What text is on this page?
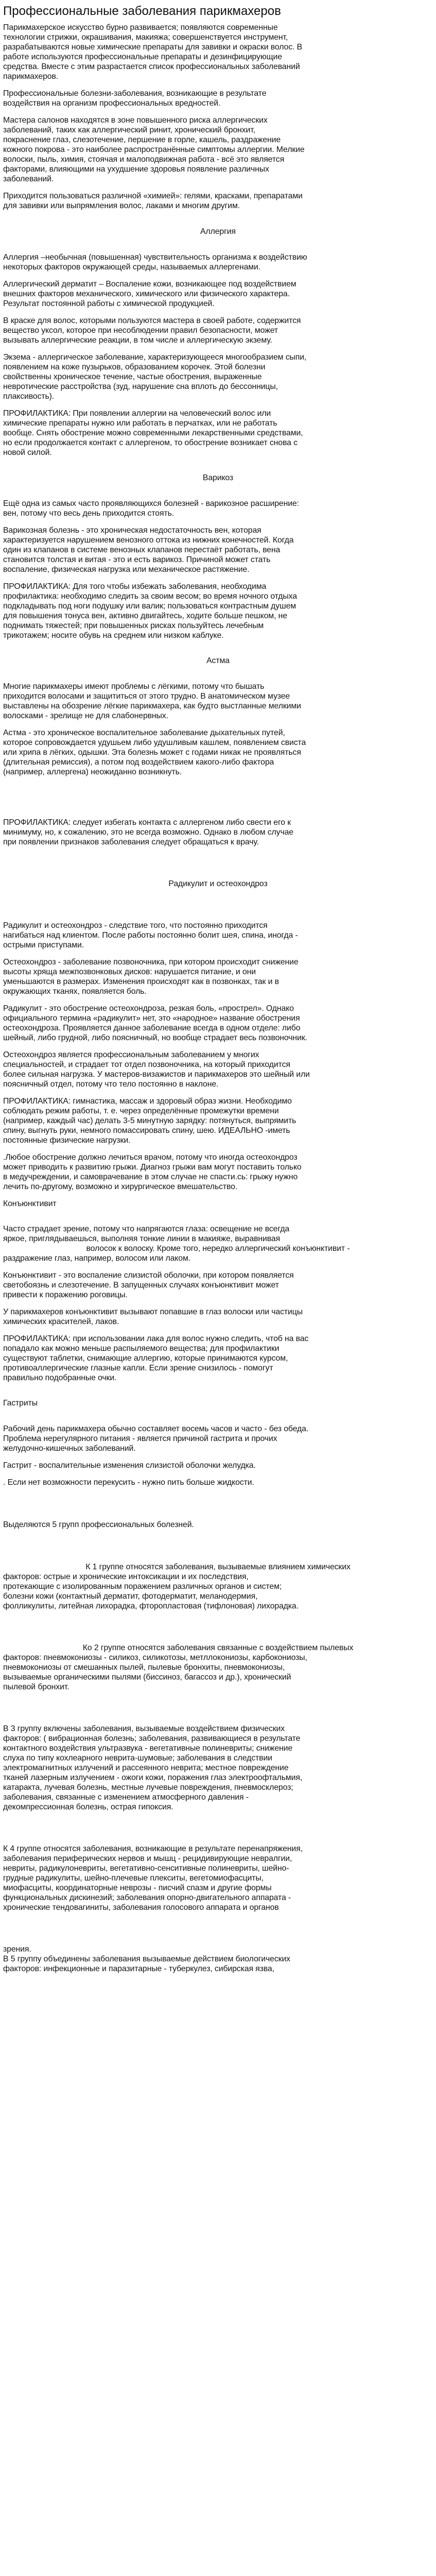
Профессиональные заболевания парикмахеров

Парикмахерское искусство бурно развивается; появляются современные

технологии стрижки, окрашивания, макияжа; совершенствуется инструмент,

разрабатываются новые химические препараты для завивки и окраски волос. В

работе используются профессиональные препараты и дезинфицирующие

средства. Вместе с этим разрастается список профессиональных заболеваний

парикмахеров.

Профессиональные болезни-заболевания, возникающие в результате

воздействия на организм профессиональных вредностей.

Мастера салонов находятся в зоне повышенного риска аллергических

заболеваний, таких как аллергический ринит, хронический бронхит,

покраснение глаз, слезотечение, першение в горле, кашель, раздражение

кожного покрова - это наиболее распространённые симптомы аллергии. Мелкие

волоски, пыль, химия, стоячая и малоподвижная работа - всё это является

факторами, влияющими на ухудшение здоровья появление различных

заболеваний.

Приходится пользоваться различной «химией»: гелями, красками, препаратами

для завивки или выпрямления волос, лаками и многим другим.

Аллергия

Аллергия –необычная (повышенная) чувствительность организма к воздействию

некоторых факторов окружающей среды, называемых аллергенами.

Аллергический дерматит – Воспаление кожи, возникающее под воздействием

внешних факторов механического, химического или физического характера.

Результат постоянной работы с химической продукцией.

В краске для волос, которыми пользуются мастера в своей работе, содержится

вещество уксол, которое при несоблюдении правил безопасности, может

вызывать аллергические реакции, в том числе и аллергическую экзему.

Экзема - аллергическое заболевание, характеризующееся многообразием сыпи,

появлением на коже пузырьков, образованием корочек. Этой болезни

свойственны хроническое течение, частые обострения, выраженные

невротические расстройства (зуд, нарушение сна вплоть до бессонницы,

плаксивость).

ПРОФИЛАКТИКА: При появлении аллергии на человеческий волос или

химические препараты нужно или работать в перчатках, или не работать

вообще. Снять обострение можно современными лекарственными средствами,

но если продолжается контакт с аллергеном, то обострение возникает снова с

новой силой.

Варикоз

Ещё одна из самых часто проявляющихся болезней - варикозное расширение:

вен, потому что весь день приходится стоять.

Варикозная болезнь - это хроническая недостаточность вен, которая

характеризуется нарушением венозного оттока из нижних конечностей. Когда

один из клапанов в системе венозных клапанов перестаёт работать, вена

становится толстая и витая - это и есть варикоз. Причиной может стать

воспаление, физическая нагрузка или механическое растяжение.

ПРОФИЛАКТИКА: Для того чтобы избежать заболевания, необходима

профилактика: необходимо следить за своим весом; во время ночного отдыха

подкладывать под ноги подушку или валик; пользоваться контрастным душем

для повышения тонуса вен, активно двигайтесь, ходите больше пешком, не

поднимать тяжестей; при повышенных рисках пользуйтесь лечебным

трикотажем; носите обувь на среднем или низком каблуке.

Астма

Многие парикмахеры имеют проблемы с лёгкими, потому что бышать

приходится волосами и защититься от этого трудно. В анатомическом музее

выставлены на обозрение лёгкие парикмахера, как будто выстланные мелкими

волосками - зрелище не для слабонервных.

Астма - это хроническое воспалительное заболевание дыхательных путей,

которое сопровождается удушьем либо удушливым кашлем, появлением свиста

или хрипа в лёгких, одышки. Эта болезнь может с годами никак не проявляться

(длительная ремиссия), а потом под воздействием какого-либо фактора

(например, аллергена) неожиданно возникнуть.

ПРОФИЛАКТИКА: следует избегать контакта с аллергеном либо свести его к

минимуму, но, к сожалению, это не всегда возможно. Однако в любом случае

при появлении признаков заболевания следует обращаться к врачу.

Радикулит и остеохондроз

Радикулит и остеохондроз - следствие того, что постоянно приходится

нагибаться над клиентом. После работы постоянно болит шея, спина, иногда -

острыми приступами.

Остеохондроз - заболевание позвоночника, при котором происходит снижение

высоты хряща межпозвонковых дисков: нарушается питание, и они

уменьшаются в размерах. Изменения происходят как в позвонках, так и в

окружающих тканях, появляется боль.

Радикулит - это обострение остеохондроза, резкая боль, «прострел». Однако

официального термина «радикулит» нет, это «народное» название обострения

остеохондроза. Проявляется данное заболевание всегда в одном отделе: либо

шейный, либо грудной, либо поясничный, но вообще страдает весь позвоночник.

Остеохондроз является профессиональным заболеванием у многих

специальностей, и страдает тот отдел позвоночника, на который приходится

более сильная нагрузка. У мастеров-визажистов и парикмахеров это шейный или

поясничный отдел, потому что тело постоянно в наклоне.

ПРОФИЛАКТИКА: гимнастика, массаж и здоровый образ жизни. Необходимо

соблюдать режим работы, т. е. через определённые промежутки времени

(например, каждый час) делать 3-5 минутную зарядку: потянуться, выпрямить

спину, выгнуть руки, немного помассировать спину, шею. ИДЕАЛЬНО -иметь

постоянные физические нагрузки.

.Любое обострение должно лечиться врачом, потому что иногда остеохондроз

может приводить к развитию грыжи. Диагноз грыжи вам могут поставить только

в медучреждении, и самоврачевание в этом случае не спасти.сь: грыжу нужно

лечить по-другому, возможно и хирургическое вмешательство.

Конъюнктивит

Часто страдает зрение, потому что напрягаются глаза: освещение не всегда

яркое, приглядываешься, выполняя тонкие линии в макияже, выравнивая

волосок к волоску. Кроме того, нередко аллергический конъюнктивит -

раздражение глаз, например, волосом или лаком.

Конъюнктивит - это воспаление слизистой оболочки, при котором появляется

светобоязнь и слезотечение. В запущенных случаях конъюнктивит может

привести к поражению роговицы.

У парикмахеров конъюнктивит вызывают попавшие в глаз волоски или частицы

химических красителей, лаков.

ПРОФИЛАКТИКА: при использовании лака для волос нужно следить, чтоб на вас

попадало как можно меньше распыляемого вещества; для профилактики

существуют таблетки, снимающие аллергию, которые принимаются курсом,

противоаллергические глазные капли. Если зрение снизилось - помогут

правильно подобранные очки.

Гастриты

Рабочий день парикмахера обычно составляет восемь часов и часто - без обеда.

Проблема нерегулярного питания - является причиной гастрита и прочих

желудочно-кишечных заболеваний.

Гастрит - воспалительные изменения слизистой оболочки желудка.

. Если нет возможности перекусить - нужно пить больше жидкости.

Выделяются 5 групп профессиональных болезней.

К 1 группе относятся заболевания, вызываемые влиянием химических

факторов: острые и хронические интоксикации и их последствия,

протекающие с изолированным поражением различных органов и систем;

болезни кожи (контактный дерматит, фотодерматит, меланодермия,

фолликулиты, литейная лихорадка, фторопластовая (тифлоновая) лихорадка.

Ко 2 группе относятся заболевания связанные с воздействием пылевых

факторов: пневмокониозы - силикоз, силикотозы, метллокониозы, карбокониозы,

пневмокониозы от смешанных пылей, пылевые бронхиты, пневмокониозы,

вызываемые органическими пылями (биссиноз, багассоз и др.), хронический

пылевой бронхит.

В 3 группу включены заболевания, вызываемые воздействием физических

факторов: ( вибрационная болезнь; заболевания, развивающиеся в результате

контактного воздействия ультразвука - вегетативные полиневриты; снижение

слуха по типу кохлеарного неврита-шумовые; заболевания в следствии

электромагнитных излучений и рассеянного неврита; местное повреждение

тканей лазерным излучением - ожоги кожи, поражения глаз электроофтальмия,

катаракта, лучевая болезнь, местные лучевые повреждения, пневмосклероз;

заболевания, связанные с изменением атмосферного давления -

декомпрессионная болезнь, острая гипоксия.

К 4 группе относятся заболевания, возникающие в результате перенапряжения,

заболевания периферических нервов и мышц - рецидивирующие невралгии,

невриты, радикулоневриты, вегетативно-сенситивные полиневриты, шейно-

грудные радикулиты, шейно-плечевые плекситы, вегетомиофасциты,

миофасциты, координаторные неврозы - писчий спазм и другие формы

функциональных дискинезий; заболевания опорно-двигательного аппарата -

хронические тендовагиниты, заболевания голосового аппарата и органов

зрения.

В 5 группу объединены заболевания вызываемые действием биологических

факторов: инфекционные и паразитарные - туберкулез, сибирская язва,
